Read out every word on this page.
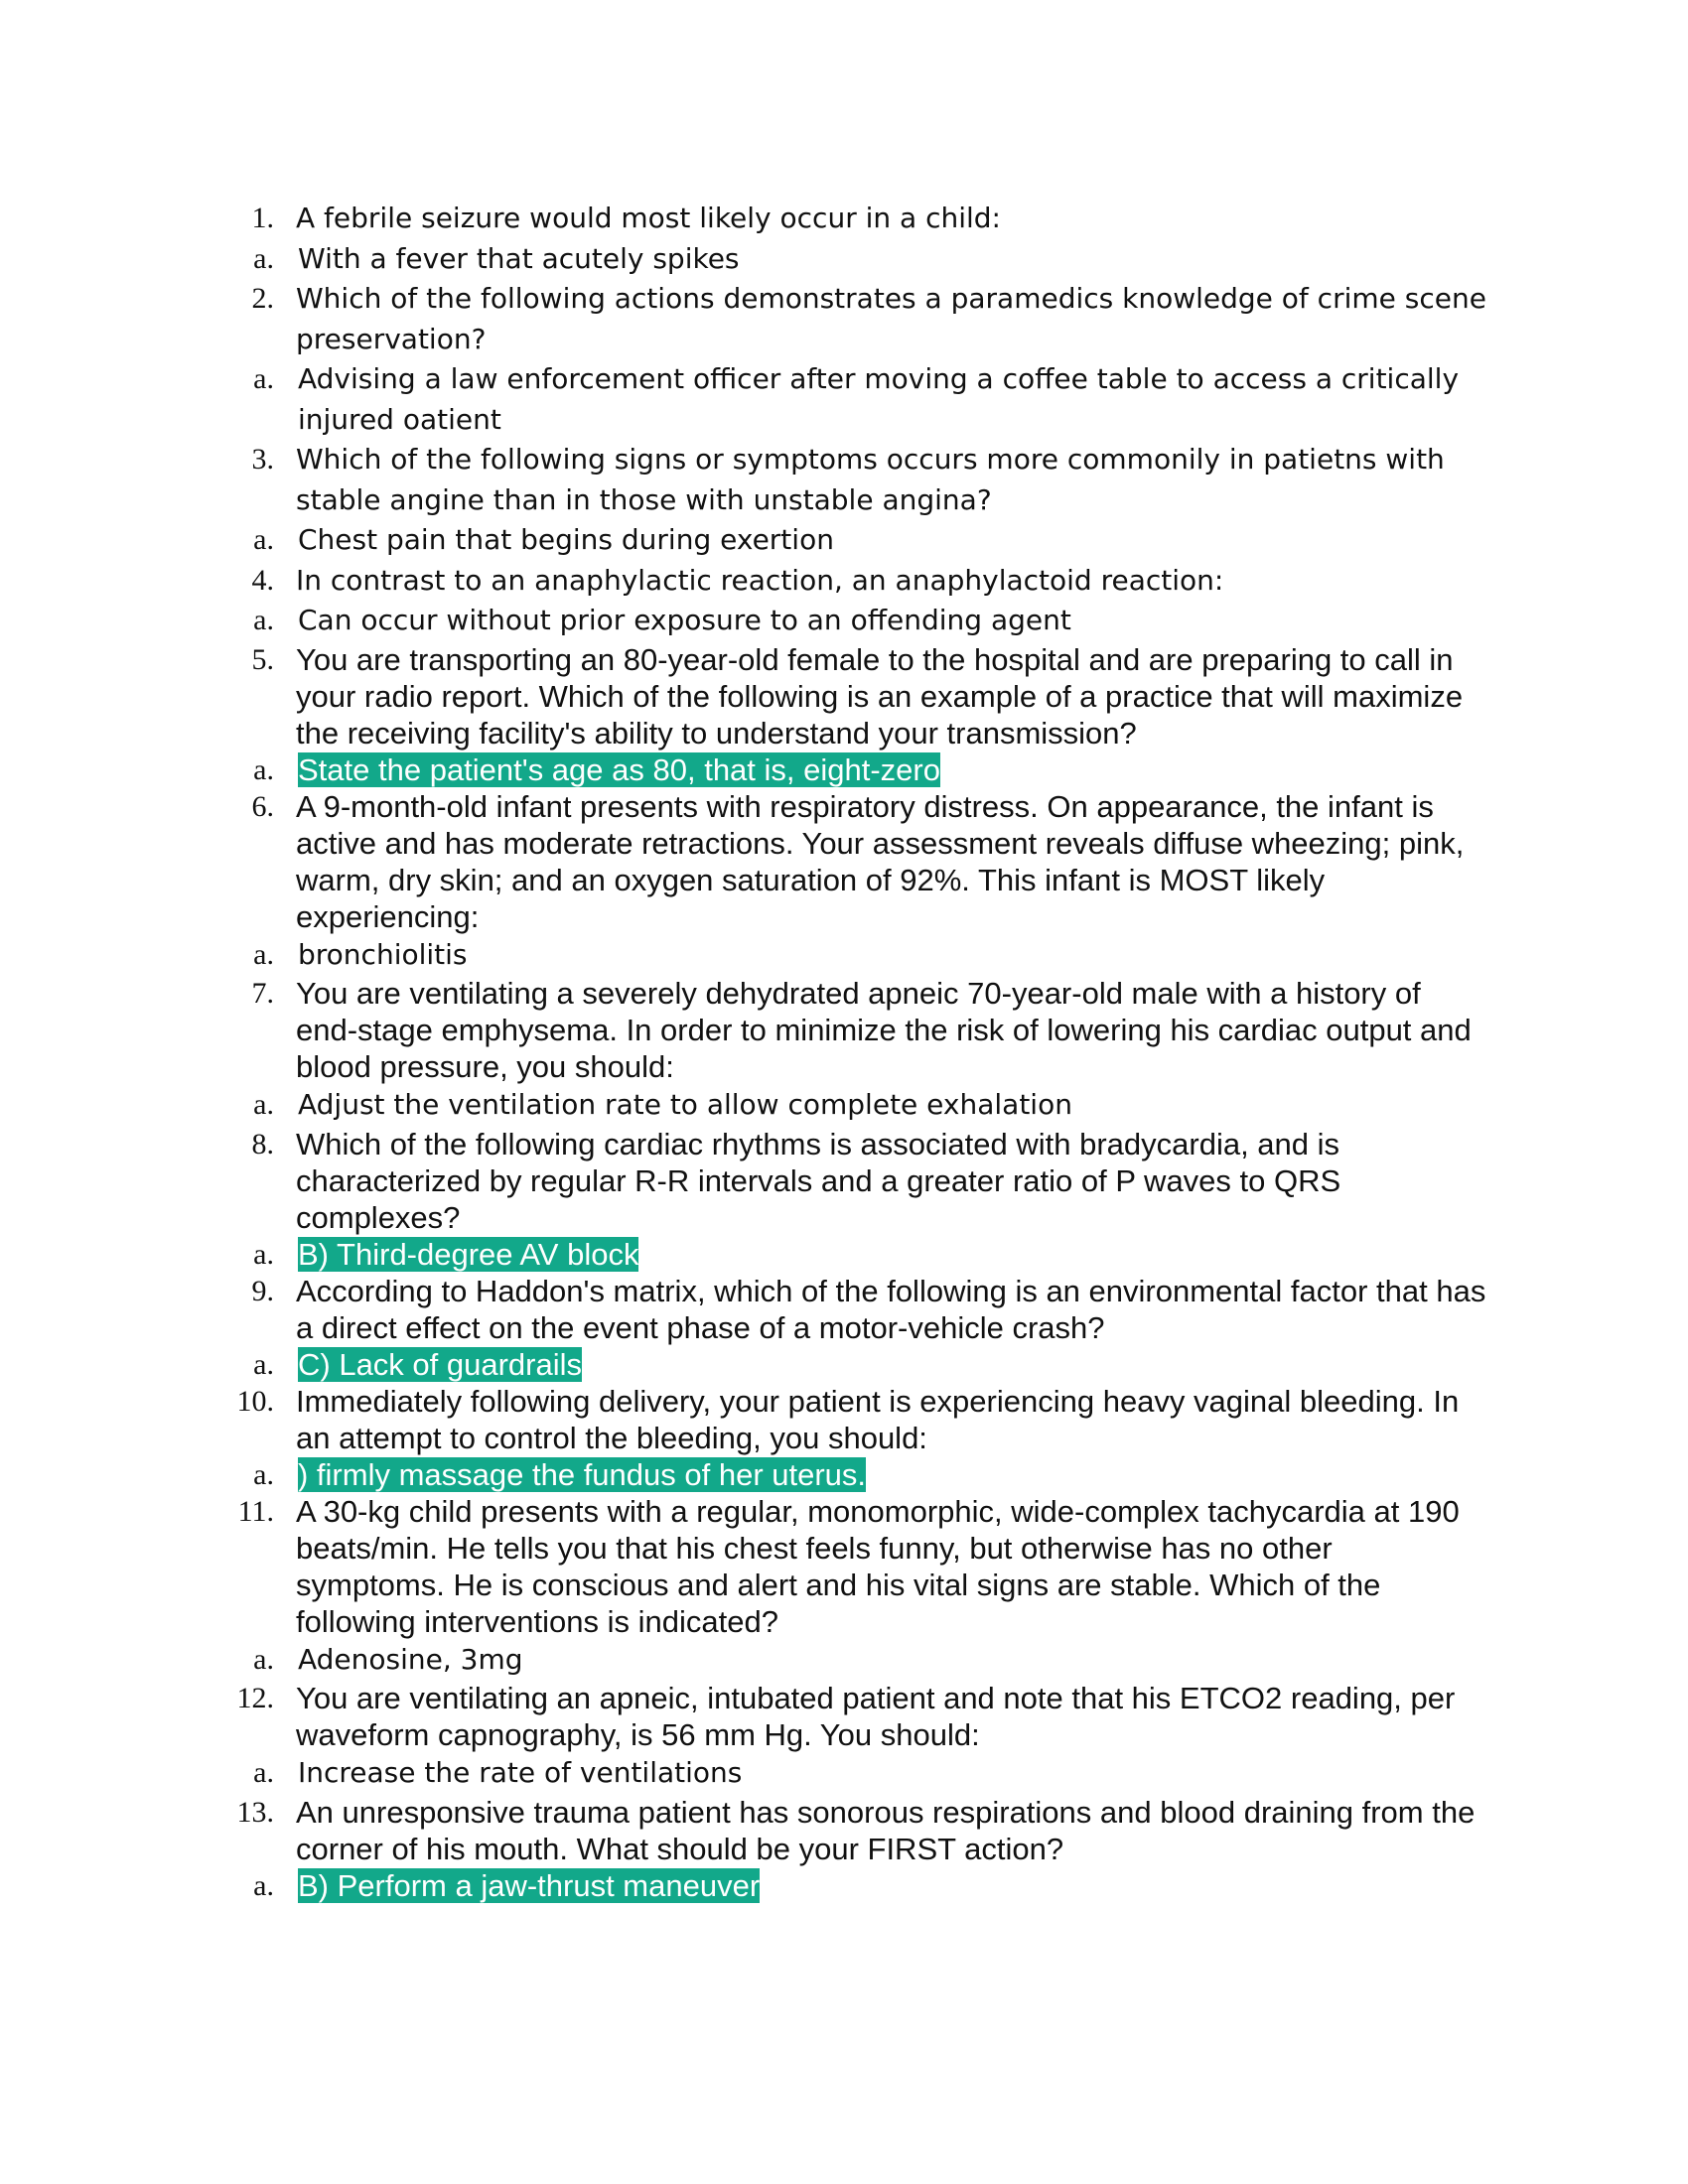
1. A febrile seizure would most likely occur in a child:
a. With a fever that acutely spikes
2. Which of the following actions demonstrates a paramedics knowledge of crime scene preservation?
a. Advising a law enforcement officer after moving a coffee table to access a critically injured oatient
3. Which of the following signs or symptoms occurs more commonily in patietns with stable angine than in those with unstable angina?
a. Chest pain that begins during exertion
4. In contrast to an anaphylactic reaction, an anaphylactoid reaction:
a. Can occur without prior exposure to an offending agent
5. You are transporting an 80-year-old female to the hospital and are preparing to call in your radio report. Which of the following is an example of a practice that will maximize the receiving facility's ability to understand your transmission?
a. State the patient's age as 80, that is, eight-zero
6. A 9-month-old infant presents with respiratory distress. On appearance, the infant is active and has moderate retractions. Your assessment reveals diffuse wheezing; pink, warm, dry skin; and an oxygen saturation of 92%. This infant is MOST likely experiencing:
a. bronchiolitis
7. You are ventilating a severely dehydrated apneic 70-year-old male with a history of end-stage emphysema. In order to minimize the risk of lowering his cardiac output and blood pressure, you should:
a. Adjust the ventilation rate to allow complete exhalation
8. Which of the following cardiac rhythms is associated with bradycardia, and is characterized by regular R-R intervals and a greater ratio of P waves to QRS complexes?
a. B) Third-degree AV block
9. According to Haddon's matrix, which of the following is an environmental factor that has a direct effect on the event phase of a motor-vehicle crash?
a. C) Lack of guardrails
10. Immediately following delivery, your patient is experiencing heavy vaginal bleeding. In an attempt to control the bleeding, you should:
a. ) firmly massage the fundus of her uterus.
11. A 30-kg child presents with a regular, monomorphic, wide-complex tachycardia at 190 beats/min. He tells you that his chest feels funny, but otherwise has no other symptoms. He is conscious and alert and his vital signs are stable. Which of the following interventions is indicated?
a. Adenosine, 3mg
12. You are ventilating an apneic, intubated patient and note that his ETCO2 reading, per waveform capnography, is 56 mm Hg. You should:
a. Increase the rate of ventilations
13. An unresponsive trauma patient has sonorous respirations and blood draining from the corner of his mouth. What should be your FIRST action?
a. B) Perform a jaw-thrust maneuver
